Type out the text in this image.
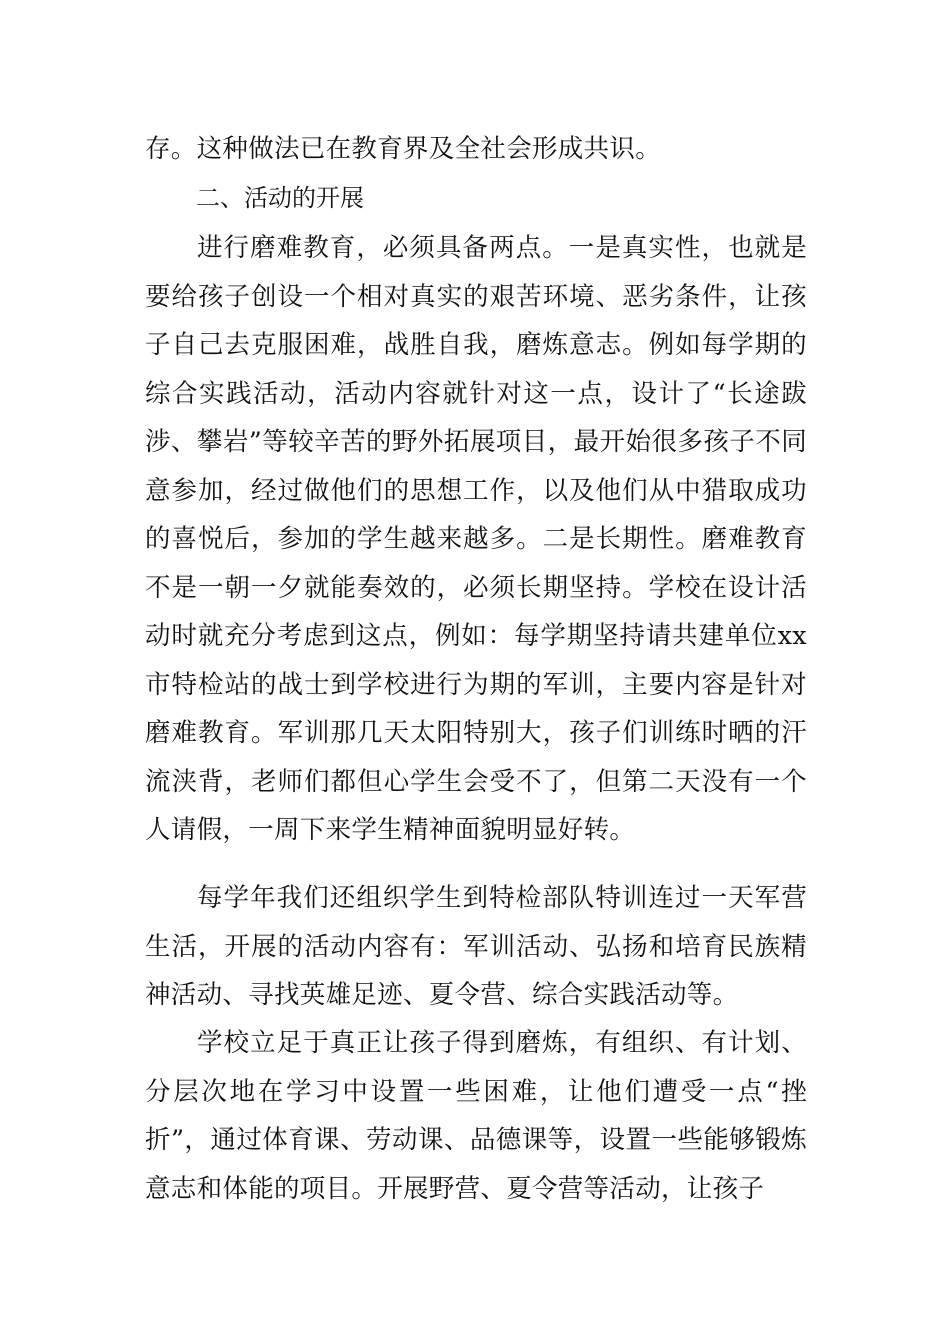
存。这种做法已在教育界及全社会形成共识。
二、活动的开展
进行磨难教育，必须具备两点。一是真实性，也就是要给孩子创设一个相对真实的艰苦环境、恶劣条件，让孩子自己去克服困难，战胜自我，磨炼意志。例如每学期的综合实践活动，活动内容就针对这一点，设计了“长途跋涉、攀岩”等较辛苦的野外拓展项目，最开始很多孩子不同意参加，经过做他们的思想工作，以及他们从中猎取成功的喜悦后，参加的学生越来越多。二是长期性。磨难教育不是一朝一夕就能奏效的，必须长期坚持。学校在设计活动时就充分考虑到这点，例如：每学期坚持请共建单位xx市特检站的战士到学校进行为期的军训，主要内容是针对磨难教育。军训那几天太阳特别大，孩子们训练时晒的汗流浃背，老师们都但心学生会受不了，但第二天没有一个人请假，一周下来学生精神面貌明显好转。
每学年我们还组织学生到特检部队特训连过一天军营生活，开展的活动内容有：军训活动、弘扬和培育民族精神活动、寻找英雄足迹、夏令营、综合实践活动等。
学校立足于真正让孩子得到磨炼，有组织、有计划、分层次地在学习中设置一些困难，让他们遭受一点“挫折”，通过体育课、劳动课、品德课等，设置一些能够锻炼意志和体能的项目。开展野营、夏令营等活动，让孩子
